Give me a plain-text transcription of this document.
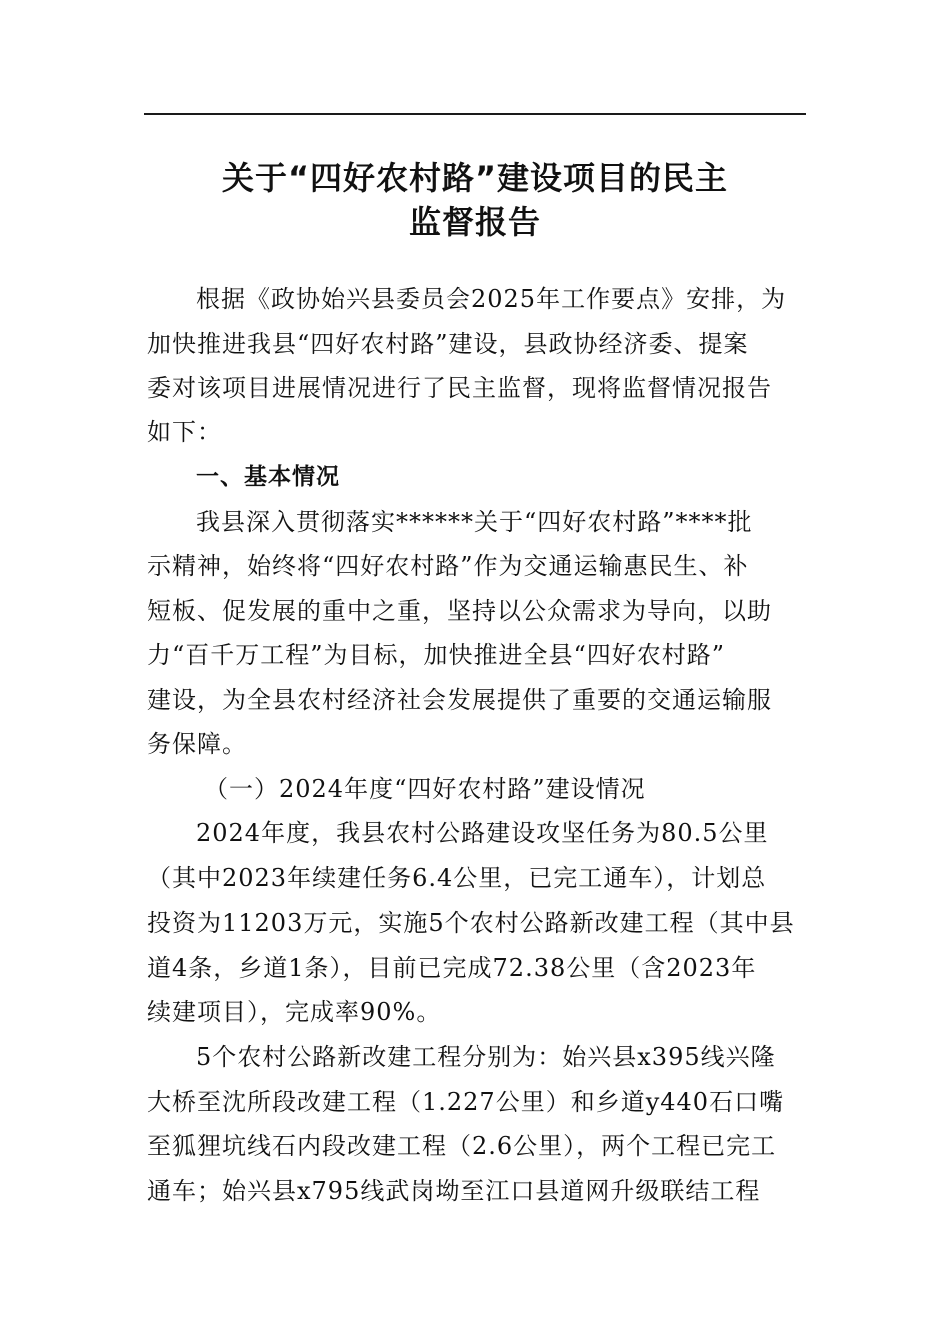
关于“四好农村路”建设项目的民主
监督报告
根据《政协始兴县委员会2025年工作要点》安排，为
加快推进我县“四好农村路”建设，县政协经济委、提案
委对该项目进展情况进行了民主监督，现将监督情况报告
如下：
一、基本情况
我县深入贯彻落实******关于“四好农村路”****批
示精神，始终将“四好农村路”作为交通运输惠民生、补
短板、促发展的重中之重，坚持以公众需求为导向，以助
力“百千万工程”为目标，加快推进全县“四好农村路”
建设，为全县农村经济社会发展提供了重要的交通运输服
务保障。
（一）2024年度“四好农村路”建设情况
2024年度，我县农村公路建设攻坚任务为80.5公里
（其中2023年续建任务6.4公里，已完工通车），计划总
投资为11203万元，实施5个农村公路新改建工程（其中县
道4条，乡道1条），目前已完成72.38公里（含2023年
续建项目），完成率90%。
5个农村公路新改建工程分别为：始兴县x395线兴隆
大桥至沈所段改建工程（1.227公里）和乡道y440石口嘴
至狐狸坑线石内段改建工程（2.6公里），两个工程已完工
通车；始兴县x795线武岗坳至江口县道网升级联结工程
